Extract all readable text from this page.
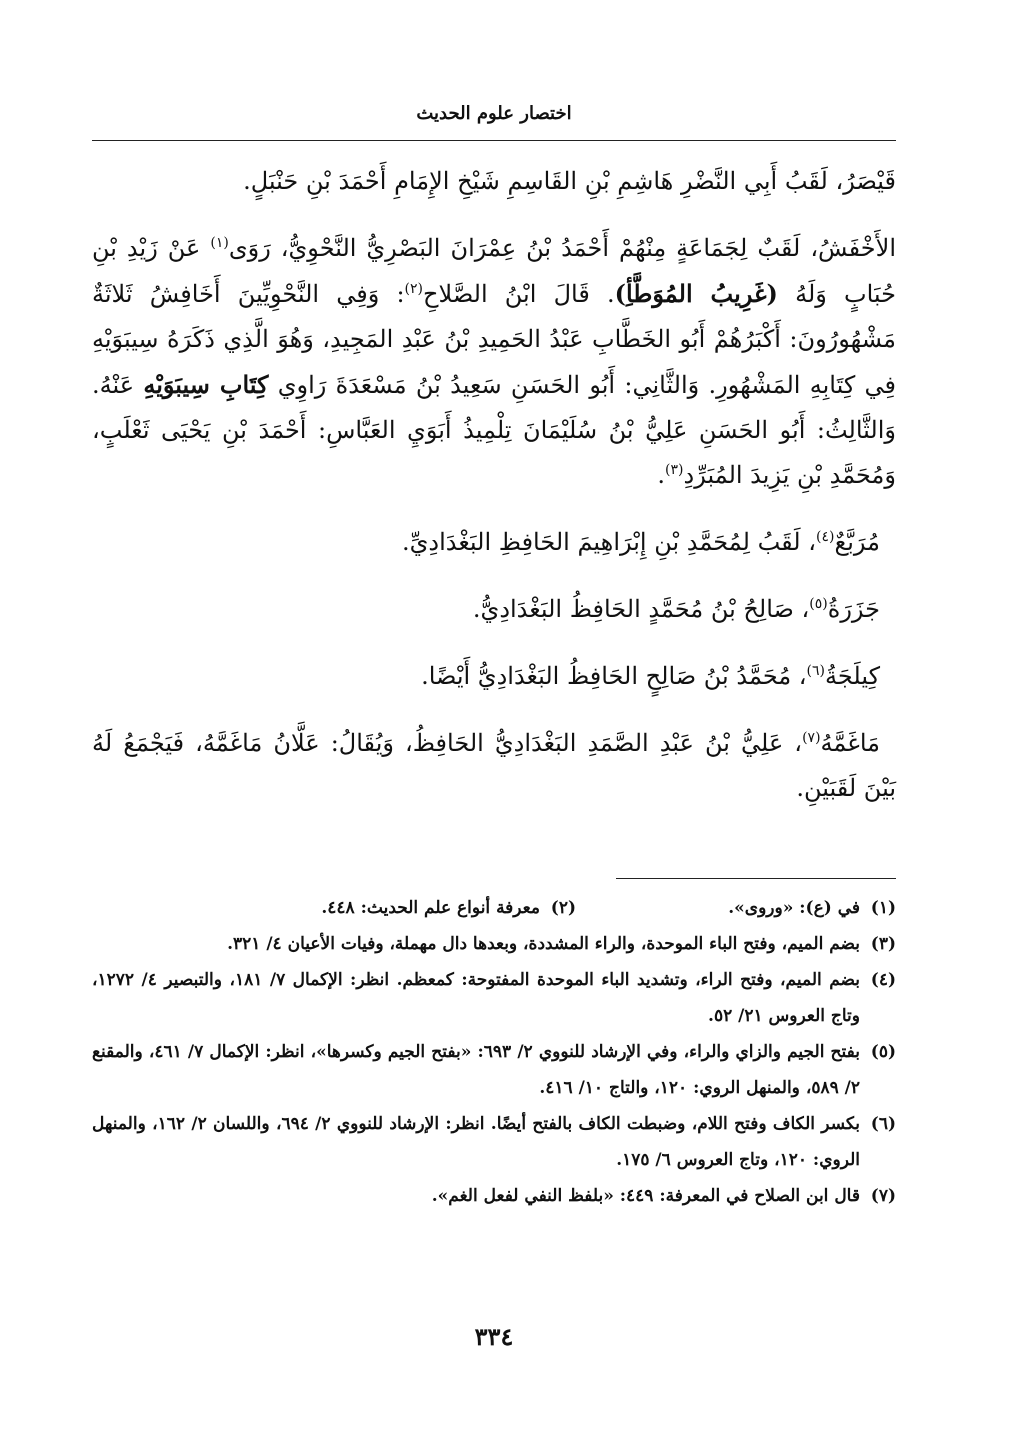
اختصار علوم الحديث

قَيْصَرُ، لَقَبُ أَبِي النَّضْرِ هَاشِمِ بْنِ القَاسِمِ شَيْخِ الإِمَامِ أَحْمَدَ بْنِ حَنْبَلٍ.

الأَخْفَشُ، لَقَبٌ لِجَمَاعَةٍ مِنْهُمْ أَحْمَدُ بْنُ عِمْرَانَ البَصْرِيُّ النَّحْوِيُّ، رَوَى$^{(١)}$ عَنْ زَيْدِ بْنِ حُبَابٍ وَلَهُ (غَرِيبُ المُوَطَّأِ). قَالَ ابْنُ الصَّلاحِ$^{(٢)}$: وَفِي النَّحْوِيِّينَ أَخَافِشُ ثَلاثَةٌ مَشْهُورُونَ: أَكْبَرُهُمْ أَبُو الخَطَّابِ عَبْدُ الحَمِيدِ بْنُ عَبْدِ المَجِيدِ، وَهُوَ الَّذِي ذَكَرَهُ سِيبَوَيْهِ فِي كِتَابِهِ المَشْهُورِ. وَالثَّانِي: أَبُو الحَسَنِ سَعِيدُ بْنُ مَسْعَدَةَ رَاوِي كِتَابِ سِيبَوَيْهِ عَنْهُ. وَالثَّالِثُ: أَبُو الحَسَنِ عَلِيُّ بْنُ سُلَيْمَانَ تِلْمِيذُ أَبَوَيِ العَبَّاسِ: أَحْمَدَ بْنِ يَحْيَى ثَعْلَبٍ، وَمُحَمَّدِ بْنِ يَزِيدَ المُبَرِّدِ$^{(٣)}$.

مُرَبَّعٌ$^{(٤)}$، لَقَبُ لِمُحَمَّدِ بْنِ إِبْرَاهِيمَ الحَافِظِ البَغْدَادِيِّ.

جَزَرَةُ$^{(٥)}$، صَالِحُ بْنُ مُحَمَّدٍ الحَافِظُ البَغْدَادِيُّ.

كِيلَجَةُ$^{(٦)}$، مُحَمَّدُ بْنُ صَالِحٍ الحَافِظُ البَغْدَادِيُّ أَيْضًا.

مَاغَمَّهُ$^{(٧)}$، عَلِيُّ بْنُ عَبْدِ الصَّمَدِ البَغْدَادِيُّ الحَافِظُ، وَيُقَالُ: عَلَّانُ مَاغَمَّهُ، فَيَجْمَعُ لَهُ بَيْنَ لَقَبَيْنِ.

(١)
في (ع): «وروى».
(٢)
معرفة أنواع علم الحديث: ٤٤٨.
(٣)
بضم الميم، وفتح الباء الموحدة، والراء المشددة، وبعدها دال مهملة، وفيات الأعيان ٤/ ٣٢١.
(٤)
بضم الميم، وفتح الراء، وتشديد الباء الموحدة المفتوحة: كمعظم. انظر: الإكمال ٧/ ١٨١، والتبصير ٤/ ١٢٧٢، وتاج العروس ٢١/ ٥٢.
(٥)
بفتح الجيم والزاي والراء، وفي الإرشاد للنووي ٢/ ٦٩٣: «بفتح الجيم وكسرها»، انظر: الإكمال ٧/ ٤٦١، والمقنع ٢/ ٥٨٩، والمنهل الروي: ١٢٠، والتاج ١٠/ ٤١٦.
(٦)
بكسر الكاف وفتح اللام، وضبطت الكاف بالفتح أيضًا. انظر: الإرشاد للنووي ٢/ ٦٩٤، واللسان ٢/ ١٦٢، والمنهل الروي: ١٢٠، وتاج العروس ٦/ ١٧٥.
(٧)
قال ابن الصلاح في المعرفة: ٤٤٩: «بلفظ النفي لفعل الغم».
٣٣٤
